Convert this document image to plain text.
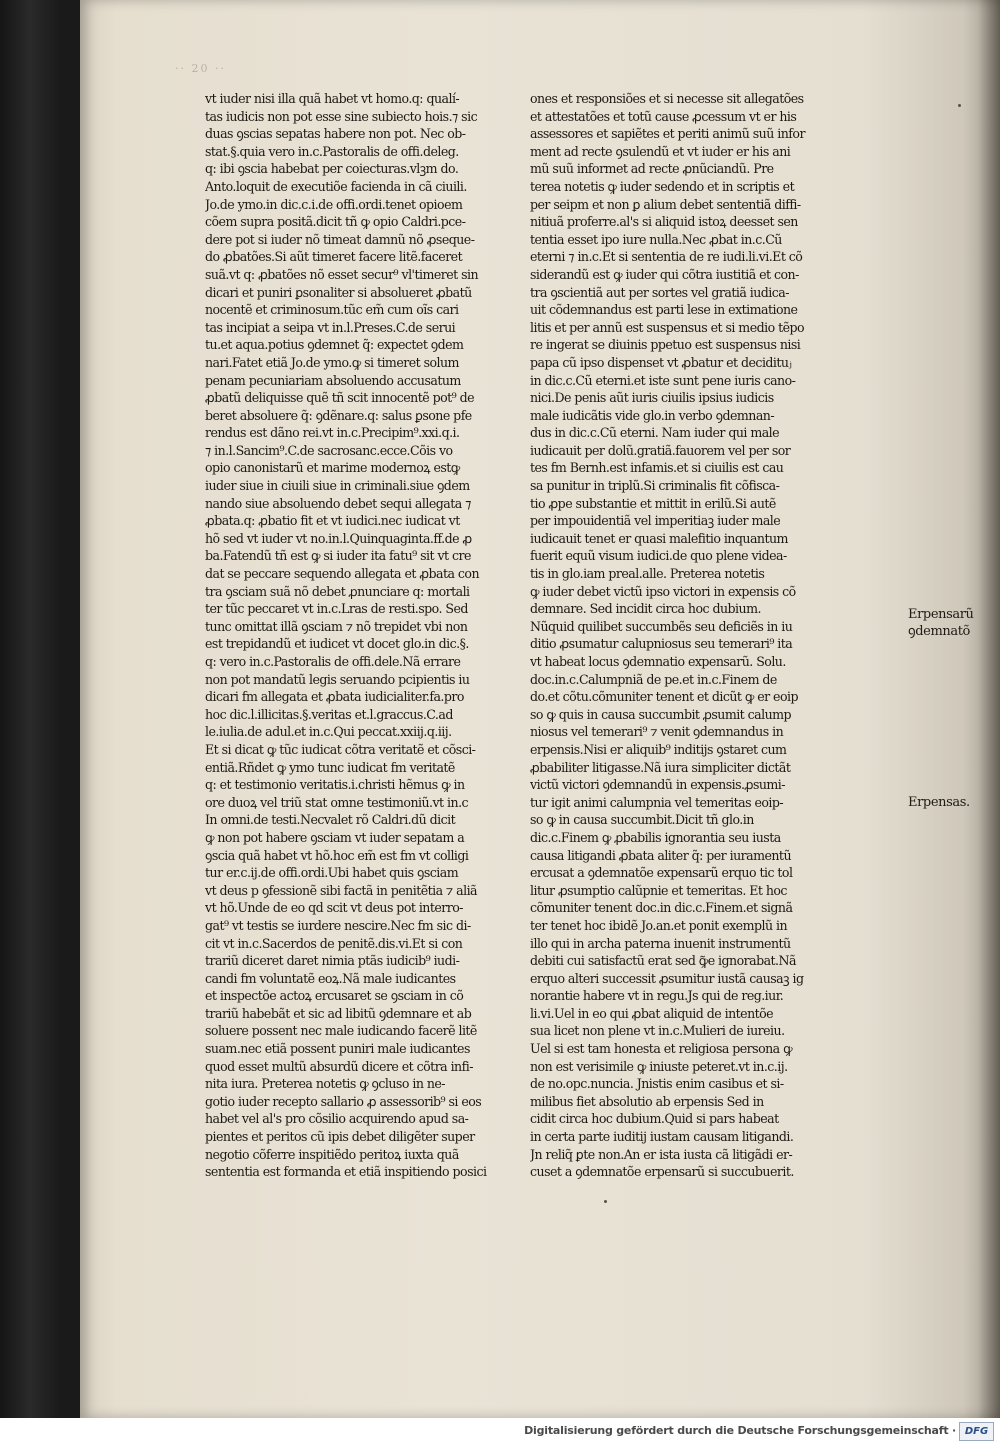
·· 20 ··
vt iuder nisi illa quã habet vt homo.q: qualí-
tas iudicis non pot esse sine subiecto hois.⁊ sic
duas ꝯscias sepatas habere non pot. Nec ob-
stat.§.quia vero in.c.Pastoralis de offi.deleg.
q: ibi ꝯscia habebat per coiecturas.vlꝫm do.
Anto.loquit de executiõe facienda in cã ciuili.
Jo.de ymo.in dic.c.i.de offi.ordi.tenet opioem
cõem supra positã.dicit tñ ꝙ opio Caldri.pce-
dere pot si iuder nõ timeat damnũ nõ ꝓseque-
do ꝓbatões.Si aũt timeret facere litẽ.faceret
suã.vt q: ꝓbatões nõ esset secur⁹ vl'timeret sin
dicari et puniri ꝑsonaliter si absolueret ꝓbatũ
nocentẽ et criminosum.tũc em̃ cum oĩs cari
tas incipiat a seipa vt in.l.Preses.C.de serui
tu.et aqua.potius ꝯdemnet q̃: expectet ꝯdem
nari.Fatet etiã Jo.de ymo.ꝙ si timeret solum
penam pecuniariam absoluendo accusatum
ꝓbatũ deliquisse quẽ tñ scit innocentẽ pot⁹ de
beret absoluere q̃: ꝯdẽnare.q: salus ꝑsone pfe
rendus est dãno rei.vt in.c.Precipim⁹.xxi.q.i.
⁊ in.l.Sancim⁹.C.de sacrosanc.ecce.Cõis vo
opio canonistarũ et marime modernoꝝ estꝙ
iuder siue in ciuili siue in criminali.siue ꝯdem
nando siue absoluendo debet sequi allegata ⁊
ꝓbata.q: ꝓbatio fit et vt iudici.nec iudicat vt
hõ sed vt iuder vt no.in.l.Quinquaginta.ff.de ꝓ
ba.Fatendũ tñ est ꝙ si iuder ita fatu⁹ sit vt cre
dat se peccare sequendo allegata et ꝓbata con
tra ꝯsciam suã nõ debet ꝓnunciare q: mortali
ter tũc peccaret vt in.c.Lras de resti.spo. Sed
tunc omittat illã ꝯsciam ⁊ nõ trepidet vbi non
est trepidandũ et iudicet vt docet glo.in dic.§.
q: vero in.c.Pastoralis de offi.dele.Nã errare
non pot mandatũ legis seruando pcipientis iu
dicari fm allegata et ꝓbata iudicialiter.fa.pro
hoc dic.l.illicitas.§.veritas et.l.graccus.C.ad
le.iulia.de adul.et in.c.Qui peccat.xxiij.q.iij.
Et si dicat ꝙ tũc iudicat cõtra veritatẽ et cõsci-
entiã.Rñdet ꝙ ymo tunc iudicat fm veritatẽ
q: et testimonio veritatis.i.christi hẽmus ꝙ in
ore duoꝝ vel triũ stat omne testimoniũ.vt in.c
In omni.de testi.Necvalet rõ Caldri.dũ dicit
ꝙ non pot habere ꝯsciam vt iuder sepatam a
ꝯscia quã habet vt hõ.hoc em̃ est fm vt colligi
tur er.c.ij.de offi.ordi.Ubi habet quis ꝯsciam
vt deus p ꝯfessionẽ sibi factã in penitẽtia ⁊ aliã
vt hõ.Unde de eo qd scit vt deus pot interro-
gat⁹ vt testis se iurdere nescire.Nec fm sic di-
cit vt in.c.Sacerdos de penitẽ.dis.vi.Et si con
trariũ diceret daret nimia ptãs iudicib⁹ iudi-
candi fm voluntatẽ eoꝝ.Nã male iudicantes
et inspectõe actoꝝ ercusaret se ꝯsciam in cõ
trariũ habebãt et sic ad libitũ ꝯdemnare et ab
soluere possent nec male iudicando facerẽ litẽ
suam.nec etiã possent puniri male iudicantes
quod esset multũ absurdũ dicere et cõtra infi-
nita iura. Preterea notetis ꝙ ꝯcluso in ne-
gotio iuder recepto sallario ꝓ assessorib⁹ si eos
habet vel al's pro cõsilio acquirendo apud sa-
pientes et peritos cũ ipis debet diligẽter super
negotio cõferre inspitiẽdo peritoꝝ iuxta quã
sententia est formanda et etiã inspitiendo posici
ones et responsiões et si necesse sit allegatões
et attestatões et totũ cause ꝓcessum vt er his
assessores et sapiẽtes et periti animũ suũ infor
ment ad recte ꝯsulendũ et vt iuder er his ani
mũ suũ informet ad recte ꝓnũciandũ. Pre
terea notetis ꝙ iuder sedendo et in scriptis et
per seipm et non ꝑ alium debet sententiã diffi-
nitiuã proferre.al's si aliquid istoꝝ deesset sen
tentia esset ipo iure nulla.Nec ꝓbat in.c.Cũ
eterni ⁊ in.c.Et si sententia de re iudi.li.vi.Et cõ
siderandũ est ꝙ iuder qui cõtra iustitiã et con-
tra ꝯscientiã aut per sortes vel gratiã iudica-
uit cõdemnandus est parti lese in extimatione
litis et per annũ est suspensus et si medio tẽpo
re ingerat se diuinis ppetuo est suspensus nisi
papa cũ ipso dispenset vt ꝓbatur et decidituⱼ
in dic.c.Cũ eterni.et iste sunt pene iuris cano-
nici.De penis aũt iuris ciuilis ipsius iudicis
male iudicãtis vide glo.in verbo ꝯdemnan-
dus in dic.c.Cũ eterni. Nam iuder qui male
iudicauit per dolũ.gratiã.fauorem vel per sor
tes fm Bernh.est infamis.et si ciuilis est cau
sa punitur in triplũ.Si criminalis fit cõfisca-
tio ꝓpe substantie et mittit in erilũ.Si autẽ
per impouidentiã vel imperitiaꝫ iuder male
iudicauit tenet er quasi malefitio inquantum
fuerit equũ visum iudici.de quo plene videa-
tis in glo.iam preal.alle. Preterea notetis
ꝙ iuder debet victũ ipso victori in expensis cõ
demnare. Sed incidit circa hoc dubium.
Nũquid quilibet succumbẽs seu deficiẽs in iu
ditio ꝓsumatur calupniosus seu temerari⁹ ita
vt habeat locus ꝯdemnatio expensarũ. Solu.
doc.in.c.Calumpniã de pe.et in.c.Finem de
do.et cõtu.cõmuniter tenent et dicũt ꝙ er eoip
so ꝙ quis in causa succumbit ꝓsumit calump
niosus vel temerari⁹ ⁊ venit ꝯdemnandus in
erpensis.Nisi er aliquib⁹ inditijs ꝯstaret cum
ꝓbabiliter litigasse.Nã iura simpliciter dictãt
victũ victori ꝯdemnandũ in expensis.ꝓsumi-
tur igit animi calumpnia vel temeritas eoip-
so ꝙ in causa succumbit.Dicit tñ glo.in
dic.c.Finem ꝙ ꝓbabilis ignorantia seu iusta
causa litigandi ꝓbata aliter q̃: per iuramentũ
ercusat a ꝯdemnatõe expensarũ erquo tic tol
litur ꝓsumptio calũpnie et temeritas. Et hoc
cõmuniter tenent doc.in dic.c.Finem.et signã
ter tenet hoc ibidẽ Jo.an.et ponit exemplũ in
illo qui in archa paterna inuenit instrumentũ
debiti cui satisfactũ erat sed ꝙ̃e ignorabat.Nã
erquo alteri successit ꝓsumitur iustã causaꝫ ig
norantie habere vt in regu.Js qui de reg.iur.
li.vi.Uel in eo qui ꝓbat aliquid de intentõe
sua licet non plene vt in.c.Mulieri de iureiu.
Uel si est tam honesta et religiosa persona ꝙ
non est verisimile ꝙ iniuste peteret.vt in.c.ij.
de no.opc.nuncia. Jnistis enim casibus et si-
milibus fiet absolutio ab erpensis Sed in
cidit circa hoc dubium.Quid si pars habeat
in certa parte iuditij iustam causam litigandi.
Jn reliq̃ ꝑte non.An er ista iusta cã litigãdi er-
cuset a ꝯdemnatõe erpensarũ si succubuerit.
Erpensarũ
ꝯdemnatõ
Erpensas.
Digitalisierung gefördert durch die Deutsche Forschungsgemeinschaft · DFG
